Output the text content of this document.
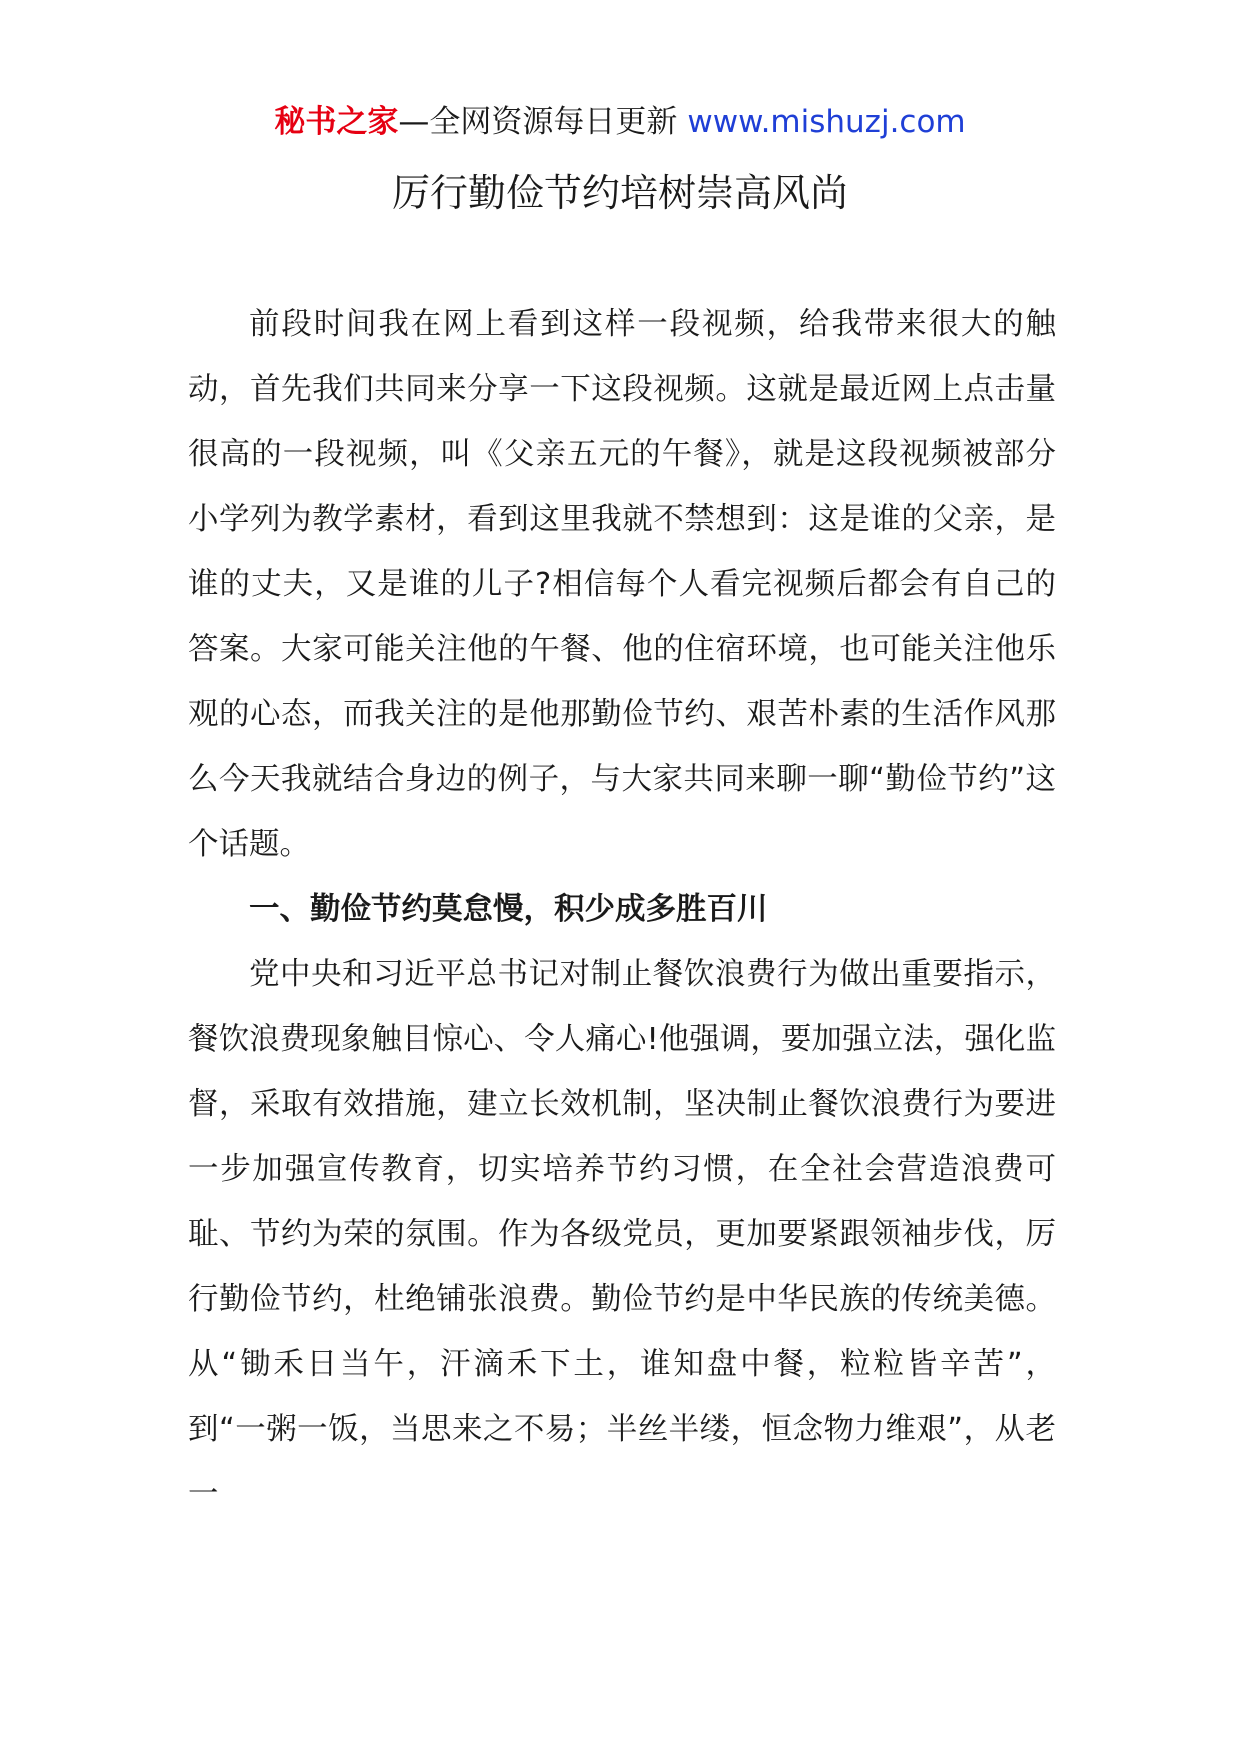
秘书之家—全网资源每日更新 www.mishuzj.com
厉行勤俭节约培树崇高风尚

前段时间我在网上看到这样一段视频，给我带来很大的触动，首先我们共同来分享一下这段视频。这就是最近网上点击量很高的一段视频，叫《父亲五元的午餐》，就是这段视频被部分小学列为教学素材，看到这里我就不禁想到：这是谁的父亲，是谁的丈夫，又是谁的儿子?相信每个人看完视频后都会有自己的答案。大家可能关注他的午餐、他的住宿环境，也可能关注他乐观的心态，而我关注的是他那勤俭节约、艰苦朴素的生活作风那么今天我就结合身边的例子，与大家共同来聊一聊“勤俭节约”这个话题。

一、勤俭节约莫怠慢，积少成多胜百川

党中央和习近平总书记对制止餐饮浪费行为做出重要指示，餐饮浪费现象触目惊心、令人痛心!他强调，要加强立法，强化监督，采取有效措施，建立长效机制，坚决制止餐饮浪费行为要进一步加强宣传教育，切实培养节约习惯，在全社会营造浪费可耻、节约为荣的氛围。作为各级党员，更加要紧跟领袖步伐，厉行勤俭节约，杜绝铺张浪费。勤俭节约是中华民族的传统美德。从“锄禾日当午，汗滴禾下土，谁知盘中餐，粒粒皆辛苦”，到“一粥一饭，当思来之不易；半丝半缕，恒念物力维艰”，从老一
